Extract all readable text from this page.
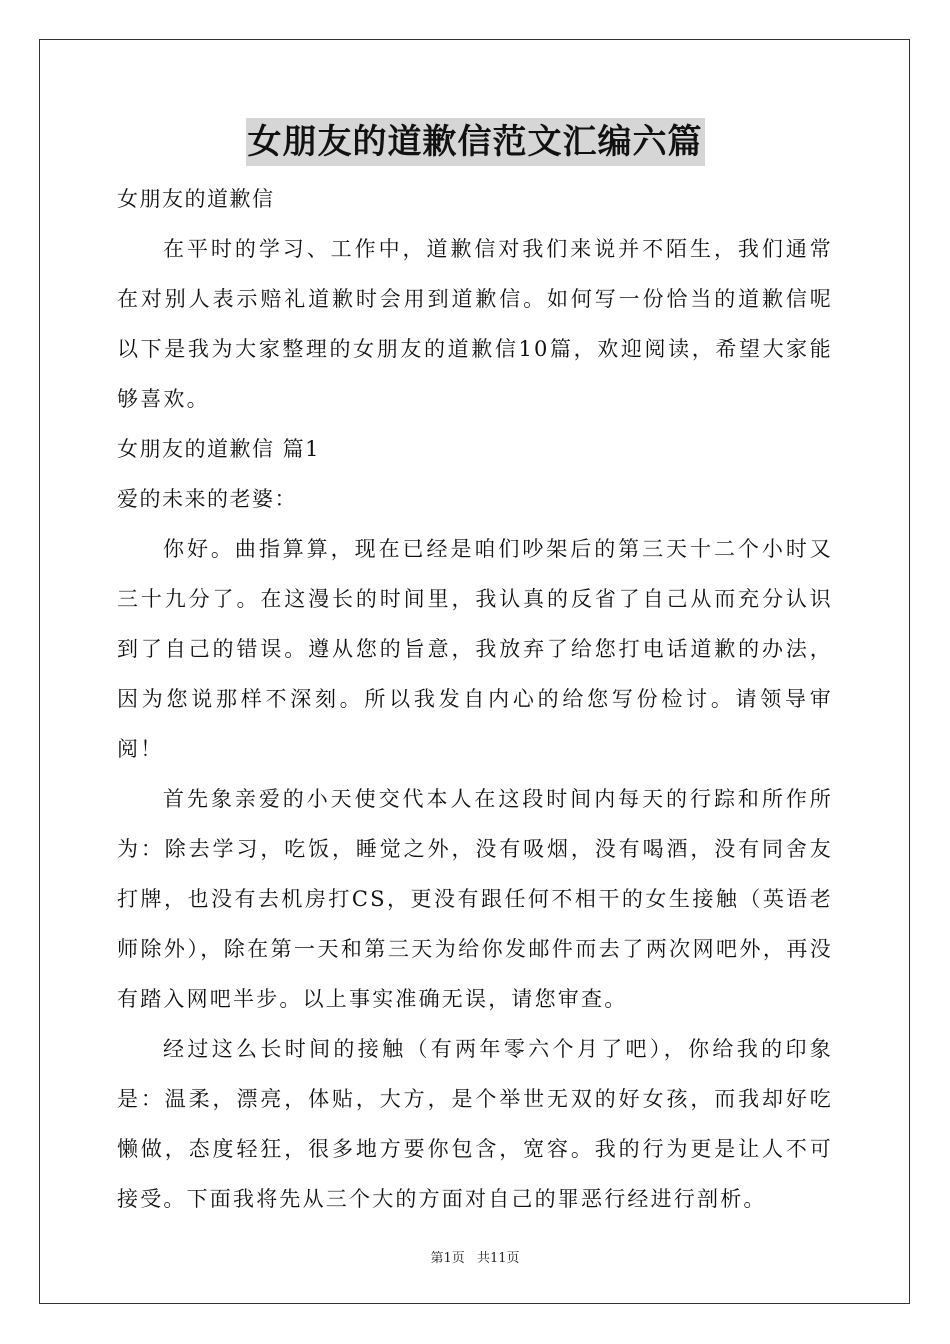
女朋友的道歉信范文汇编六篇

女朋友的道歉信

在平时的学习、工作中，道歉信对我们来说并不陌生，我们通常在对别人表示赔礼道歉时会用到道歉信。如何写一份恰当的道歉信呢以下是我为大家整理的女朋友的道歉信10篇，欢迎阅读，希望大家能够喜欢。

女朋友的道歉信 篇1

爱的未来的老婆：

你好。曲指算算，现在已经是咱们吵架后的第三天十二个小时又三十九分了。在这漫长的时间里，我认真的反省了自己从而充分认识到了自己的错误。遵从您的旨意，我放弃了给您打电话道歉的办法，因为您说那样不深刻。所以我发自内心的给您写份检讨。请领导审阅！

首先象亲爱的小天使交代本人在这段时间内每天的行踪和所作所为：除去学习，吃饭，睡觉之外，没有吸烟，没有喝酒，没有同舍友打牌，也没有去机房打CS，更没有跟任何不相干的女生接触（英语老师除外），除在第一天和第三天为给你发邮件而去了两次网吧外，再没有踏入网吧半步。以上事实准确无误，请您审查。

经过这么长时间的接触（有两年零六个月了吧），你给我的印象是：温柔，漂亮，体贴，大方，是个举世无双的好女孩，而我却好吃懒做，态度轻狂，很多地方要你包含，宽容。我的行为更是让人不可接受。下面我将先从三个大的方面对自己的罪恶行经进行剖析。

第1页 共11页
